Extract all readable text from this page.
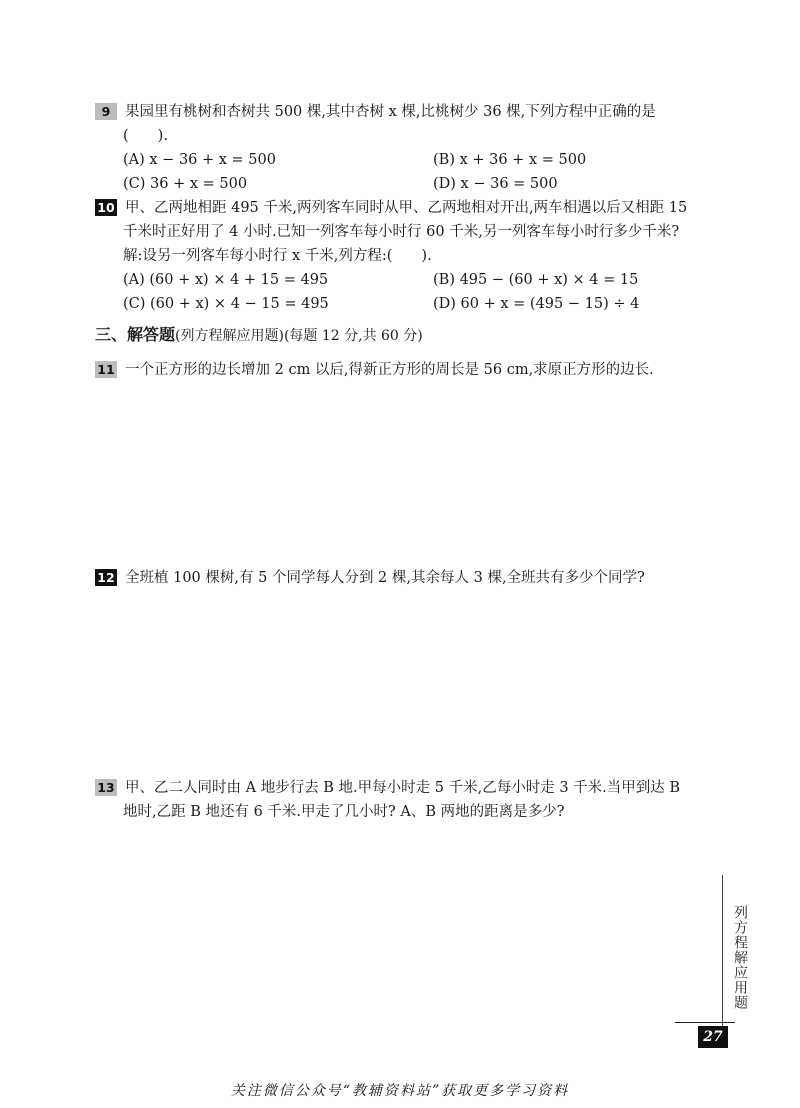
9	果园里有桃树和杏树共 500 棵,其中杏树 x 棵,比桃树少 36 棵,下列方程中正确的是
(　　).
(A) x − 36 + x = 500	(B) x + 36 + x = 500
(C) 36 + x = 500	(D) x − 36 = 500
10 甲、乙两地相距 495 千米,两列客车同时从甲、乙两地相对开出,两车相遇以后又相距 15
千米时正好用了 4 小时.已知一列客车每小时行 60 千米,另一列客车每小时行多少千米?
解:设另一列客车每小时行 x 千米,列方程:(　　).
(A) (60 + x) × 4 + 15 = 495	(B) 495 − (60 + x) × 4 = 15
(C) (60 + x) × 4 − 15 = 495	(D) 60 + x = (495 − 15) ÷ 4
三、解答题(列方程解应用题)(每题 12 分,共 60 分)
11 一个正方形的边长增加 2 cm 以后,得新正方形的周长是 56 cm,求原正方形的边长.
12 全班植 100 棵树,有 5 个同学每人分到 2 棵,其余每人 3 棵,全班共有多少个同学?
13 甲、乙二人同时由 A 地步行去 B 地.甲每小时走 5 千米,乙每小时走 3 千米.当甲到达 B
地时,乙距 B 地还有 6 千米.甲走了几小时? A、B 两地的距离是多少?
列方程解应用题
27
关注微信公众号“教辅资料站”获取更多学习资料
